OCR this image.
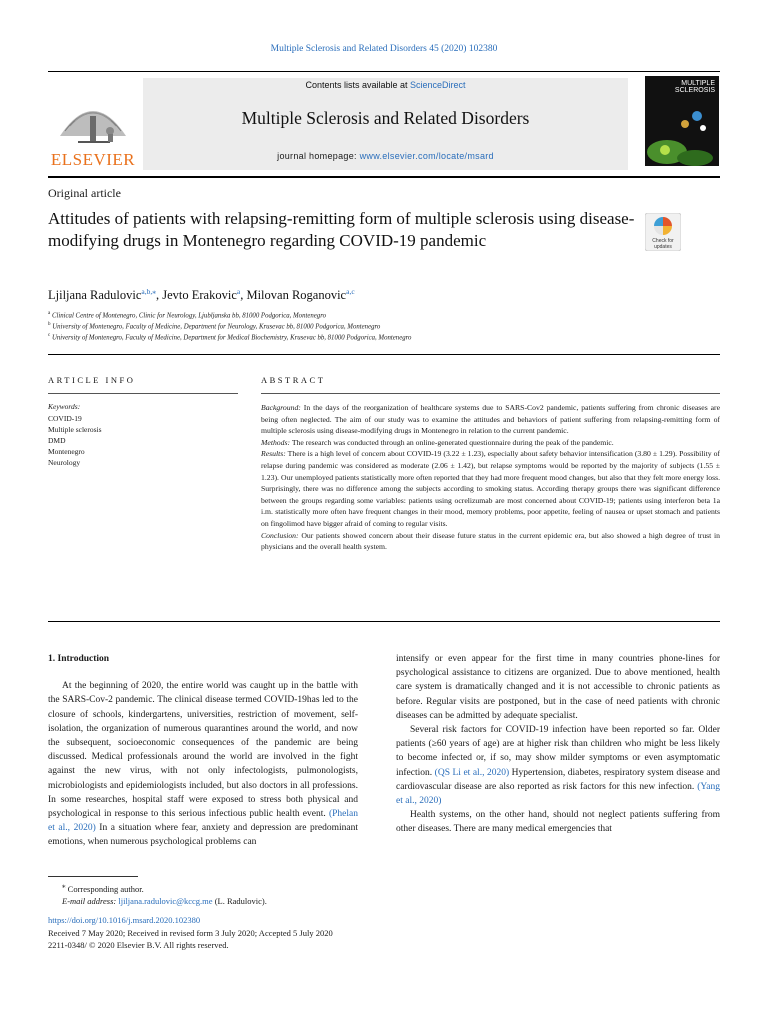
Multiple Sclerosis and Related Disorders 45 (2020) 102380
ELSEVIER
Contents lists available at ScienceDirect
Multiple Sclerosis and Related Disorders
journal homepage: www.elsevier.com/locate/msard
MULTIPLE
SCLEROSIS
Original article
Attitudes of patients with relapsing-remitting form of multiple sclerosis using disease-modifying drugs in Montenegro regarding COVID-19 pandemic	Check for
updates
Ljiljana Radulovic$^{a,b,⁎}$, Jevto Erakovic$^a$, Milovan Roganovic$^{a,c}$
$^a$ Clinical Centre of Montenegro, Clinic for Neurology, Ljubljanska bb, 81000 Podgorica, Montenegro
$^b$ University of Montenegro, Faculty of Medicine, Department for Neurology, Krusevac bb, 81000 Podgorica, Montenegro
$^c$ University of Montenegro, Faculty of Medicine, Department for Medical Biochemistry, Krusevac bb, 81000 Podgorica, Montenegro
ARTICLE INFO	ABSTRACT
Keywords:
COVID-19
Multiple sclerosis
DMD
Montenegro
Neurology
Background: In the days of the reorganization of healthcare systems due to SARS-Cov2 pandemic, patients suffering from chronic diseases are being often neglected. The aim of our study was to examine the attitudes and behaviors of patient suffering from relapsing-remitting form of multiple sclerosis using disease-modifying drugs in Montenegro in relation to the current pandemic.
Methods: The research was conducted through an online-generated questionnaire during the peak of the pandemic.
Results: There is a high level of concern about COVID-19 (3.22 ± 1.23), especially about safety behavior intensification (3.80 ± 1.29). Possibility of relapse during pandemic was considered as moderate (2.06 ± 1.42), but relapse symptoms would be reported by the majority of subjects (1.55 ± 1.23). Our unemployed patients statistically more often reported that they had more frequent mood changes, but also that they felt more energy loss. Surprisingly, there was no difference among the subjects according to smoking status. According therapy groups there was significant difference between the groups regarding some variables: patients using ocrelizumab are most concerned about COVID-19; patients using interferon beta 1a i.m. statistically more often have frequent changes in their mood, memory problems, poor appetite, feeling of nausea or upset stomach and patients on fingolimod have bigger afraid of coming to regular visits.
Conclusion: Our patients showed concern about their disease future status in the current epidemic era, but also showed a high degree of trust in physicians and the overall health system.

1. Introduction

At the beginning of 2020, the entire world was caught up in the battle with the SARS-Cov-2 pandemic. The clinical disease termed COVID-19has led to the closure of schools, kindergartens, universities, restriction of movement, self-isolation, the organization of numerous quarantines around the world, and now the subsequent, socioeconomic consequences of the pandemic are being discussed. Medical professionals around the world are involved in the fight against the new virus, with not only infectologists, pulmonologists, microbiologists and epidemiologists included, but also doctors in all professions. In some researches, hospital staff were exposed to stress both physical and psychological in response to this serious infectious public health event. (Phelan et al., 2020) In a situation where fear, anxiety and depression are predominant emotions, when numerous psychological problems can

intensify or even appear for the first time in many countries phone-lines for psychological assistance to citizens are organized. Due to above mentioned, health care system is dramatically changed and it is not accessible to chronic patients as before. Regular visits are postponed, but in the case of need patients with chronic diseases can be admitted by adequate specialist.

Several risk factors for COVID-19 infection have been reported so far. Older patients (≥60 years of age) are at higher risk than children who might be less likely to become infected or, if so, may show milder symptoms or even asymptomatic infection. (QS Li et al., 2020) Hypertension, diabetes, respiratory system disease and cardiovascular disease are also reported as risk factors for this new infection. (Yang et al., 2020)

Health systems, on the other hand, should not neglect patients suffering from other diseases. There are many medical emergencies that

⁎ Corresponding author.
E-mail address: ljiljana.radulovic@kccg.me (L. Radulovic).
https://doi.org/10.1016/j.msard.2020.102380
Received 7 May 2020; Received in revised form 3 July 2020; Accepted 5 July 2020
2211-0348/ © 2020 Elsevier B.V. All rights reserved.
